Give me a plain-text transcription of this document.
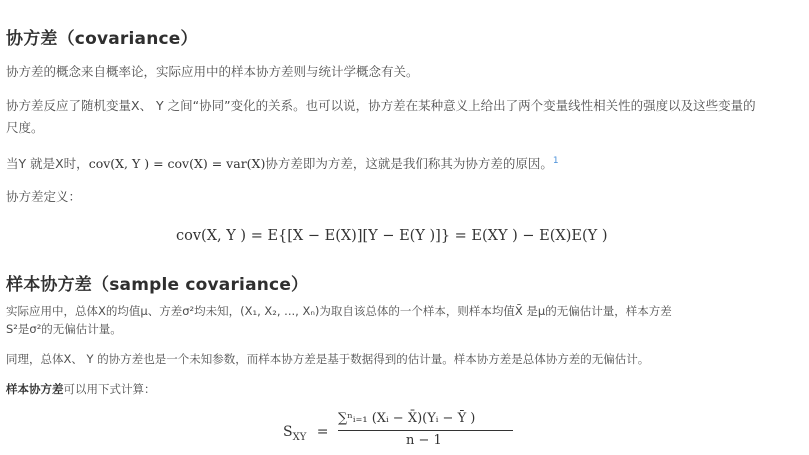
协方差（covariance）
协方差的概念来自概率论，实际应用中的样本协方差则与统计学概念有关。
协方差反应了随机变量X、 Y 之间“协同”变化的关系。也可以说，协方差在某种意义上给出了两个变量线性相关性的强度以及这些变量的
尺度。
当Y 就是X时，cov(X, Y ) = cov(X) = var(X)协方差即为方差，这就是我们称其为协方差的原因。$^1$
协方差定义：
cov(X, Y ) = E{[X − E(X)][Y − E(Y )]} = E(XY ) − E(X)E(Y )
样本协方差（sample covariance）
实际应用中，总体X的均值μ、方差σ²均未知，(X₁, X₂, ..., Xₙ)为取自该总体的一个样本，则样本均值X̄ 是μ的无偏估计量，样本方差
S²是σ²的无偏估计量。
同理，总体X、 Y 的协方差也是一个未知参数，而样本协方差是基于数据得到的估计量。样本协方差是总体协方差的无偏估计。
样本协方差可以用下式计算：
$S_{XY}$ =
∑ⁿᵢ₌₁ (Xᵢ − X̄)(Yᵢ − Ȳ )
n − 1
